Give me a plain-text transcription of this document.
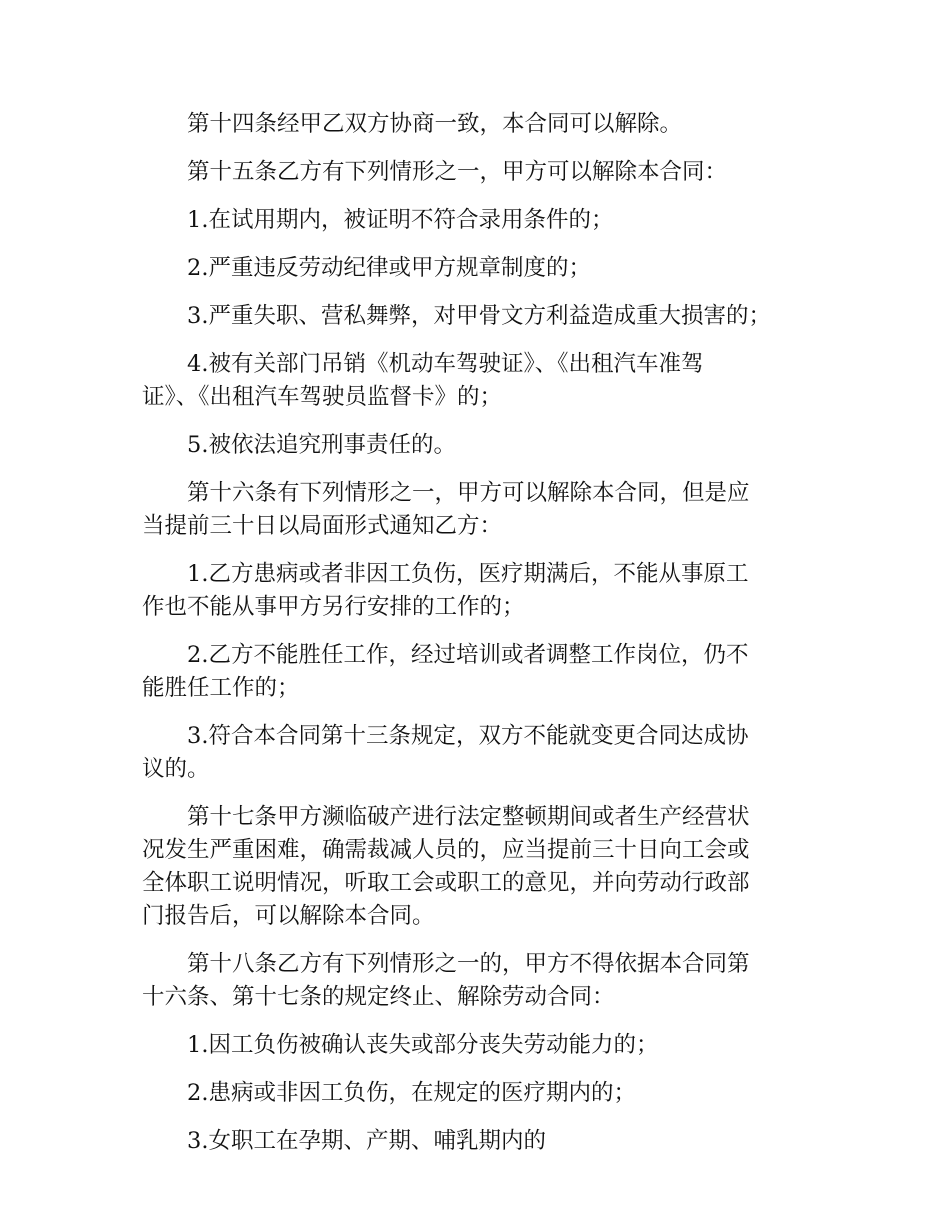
第十四条经甲乙双方协商一致，本合同可以解除。

第十五条乙方有下列情形之一，甲方可以解除本合同：

1.在试用期内，被证明不符合录用条件的；

2.严重违反劳动纪律或甲方规章制度的；

3.严重失职、营私舞弊，对甲骨文方利益造成重大损害的；

4.被有关部门吊销《机动车驾驶证》、《出租汽车准驾
证》、《出租汽车驾驶员监督卡》的；

5.被依法追究刑事责任的。

第十六条有下列情形之一，甲方可以解除本合同，但是应
当提前三十日以局面形式通知乙方：

1.乙方患病或者非因工负伤，医疗期满后，不能从事原工
作也不能从事甲方另行安排的工作的；

2.乙方不能胜任工作，经过培训或者调整工作岗位，仍不
能胜任工作的；

3.符合本合同第十三条规定，双方不能就变更合同达成协
议的。

第十七条甲方濒临破产进行法定整顿期间或者生产经营状
况发生严重困难，确需裁减人员的，应当提前三十日向工会或
全体职工说明情况，听取工会或职工的意见，并向劳动行政部
门报告后，可以解除本合同。

第十八条乙方有下列情形之一的，甲方不得依据本合同第
十六条、第十七条的规定终止、解除劳动合同：

1.因工负伤被确认丧失或部分丧失劳动能力的；

2.患病或非因工负伤，在规定的医疗期内的；

3.女职工在孕期、产期、哺乳期内的
